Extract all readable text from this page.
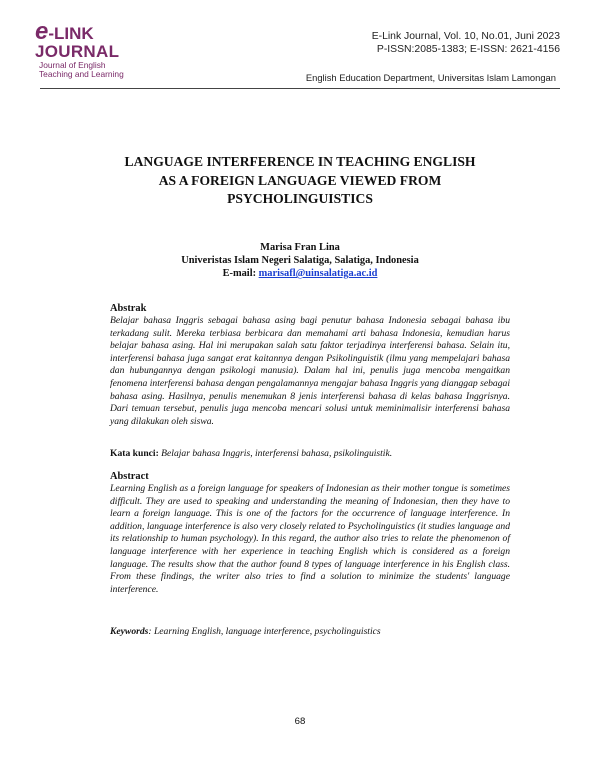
e -LINK
JOURNAL
Journal of English
Teaching and Learning
E-Link Journal, Vol. 10, No.01, Juni 2023
P-ISSN:2085-1383; E-ISSN: 2621-4156
English Education Department, Universitas Islam Lamongan
LANGUAGE INTERFERENCE IN TEACHING ENGLISH
AS A FOREIGN LANGUAGE VIEWED FROM
PSYCHOLINGUISTICS
Marisa Fran Lina
Univeristas Islam Negeri Salatiga, Salatiga, Indonesia
E-mail: marisafl@uinsalatiga.ac.id
Abstrak

Belajar bahasa Inggris sebagai bahasa asing bagi penutur bahasa Indonesia sebagai bahasa ibu terkadang sulit. Mereka terbiasa berbicara dan memahami arti bahasa Indonesia, kemudian harus belajar bahasa asing. Hal ini merupakan salah satu faktor terjadinya interferensi bahasa. Selain itu, interferensi bahasa juga sangat erat kaitannya dengan Psikolinguistik (ilmu yang mempelajari bahasa dan hubungannya dengan psikologi manusia). Dalam hal ini, penulis juga mencoba mengaitkan fenomena interferensi bahasa dengan pengalamannya mengajar bahasa Inggris yang dianggap sebagai bahasa asing. Hasilnya, penulis menemukan 8 jenis interferensi bahasa di kelas bahasa Inggrisnya. Dari temuan tersebut, penulis juga mencoba mencari solusi untuk meminimalisir interferensi bahasa yang dilakukan oleh siswa.

Kata kunci: Belajar bahasa Inggris, interferensi bahasa, psikolinguistik.
Abstract

Learning English as a foreign language for speakers of Indonesian as their mother tongue is sometimes difficult. They are used to speaking and understanding the meaning of Indonesian, then they have to learn a foreign language. This is one of the factors for the occurrence of language interference. In addition, language interference is also very closely related to Psycholinguistics (it studies language and its relationship to human psychology). In this regard, the author also tries to relate the phenomenon of language interference with her experience in teaching English which is considered as a foreign language. The results show that the author found 8 types of language interference in his English class. From these findings, the writer also tries to find a solution to minimize the students' language interference.

Keywords: Learning English, language interference, psycholinguistics
68
